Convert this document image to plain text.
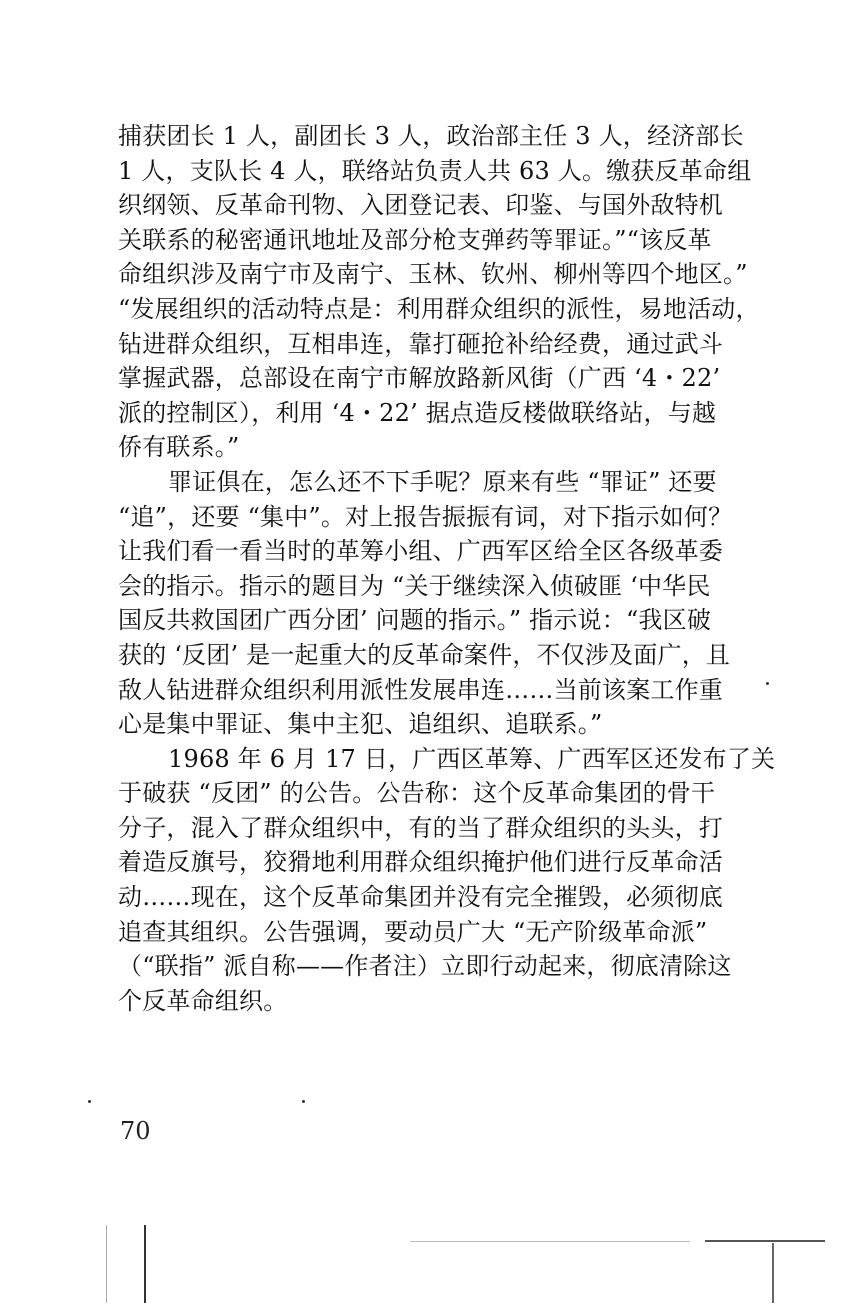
捕获团长 1 人，副团长 3 人，政治部主任 3 人，经济部长
1 人，支队长 4 人，联络站负责人共 63 人。缴获反革命组
织纲领、反革命刊物、入团登记表、印鉴、与国外敌特机
关联系的秘密通讯地址及部分枪支弹药等罪证。”“该反革
命组织涉及南宁市及南宁、玉林、钦州、柳州等四个地区。”
“发展组织的活动特点是：利用群众组织的派性，易地活动，
钻进群众组织，互相串连，靠打砸抢补给经费，通过武斗
掌握武器，总部设在南宁市解放路新风街（广西 ‘4・22’
派的控制区），利用 ‘4・22’ 据点造反楼做联络站，与越
侨有联系。”
罪证俱在，怎么还不下手呢？原来有些 “罪证” 还要
“追”，还要 “集中”。对上报告振振有词，对下指示如何？
让我们看一看当时的革筹小组、广西军区给全区各级革委
会的指示。指示的题目为 “关于继续深入侦破匪 ‘中华民
国反共救国团广西分团’ 问题的指示。” 指示说：“我区破
获的 ‘反团’ 是一起重大的反革命案件，不仅涉及面广，且
敌人钻进群众组织利用派性发展串连……当前该案工作重
心是集中罪证、集中主犯、追组织、追联系。”
1968 年 6 月 17 日，广西区革筹、广西军区还发布了关
于破获 “反团” 的公告。公告称：这个反革命集团的骨干
分子，混入了群众组织中，有的当了群众组织的头头，打
着造反旗号，狡猾地利用群众组织掩护他们进行反革命活
动……现在，这个反革命集团并没有完全摧毁，必须彻底
追查其组织。公告强调，要动员广大 “无产阶级革命派”
（“联指” 派自称——作者注）立即行动起来，彻底清除这
个反革命组织。
70
